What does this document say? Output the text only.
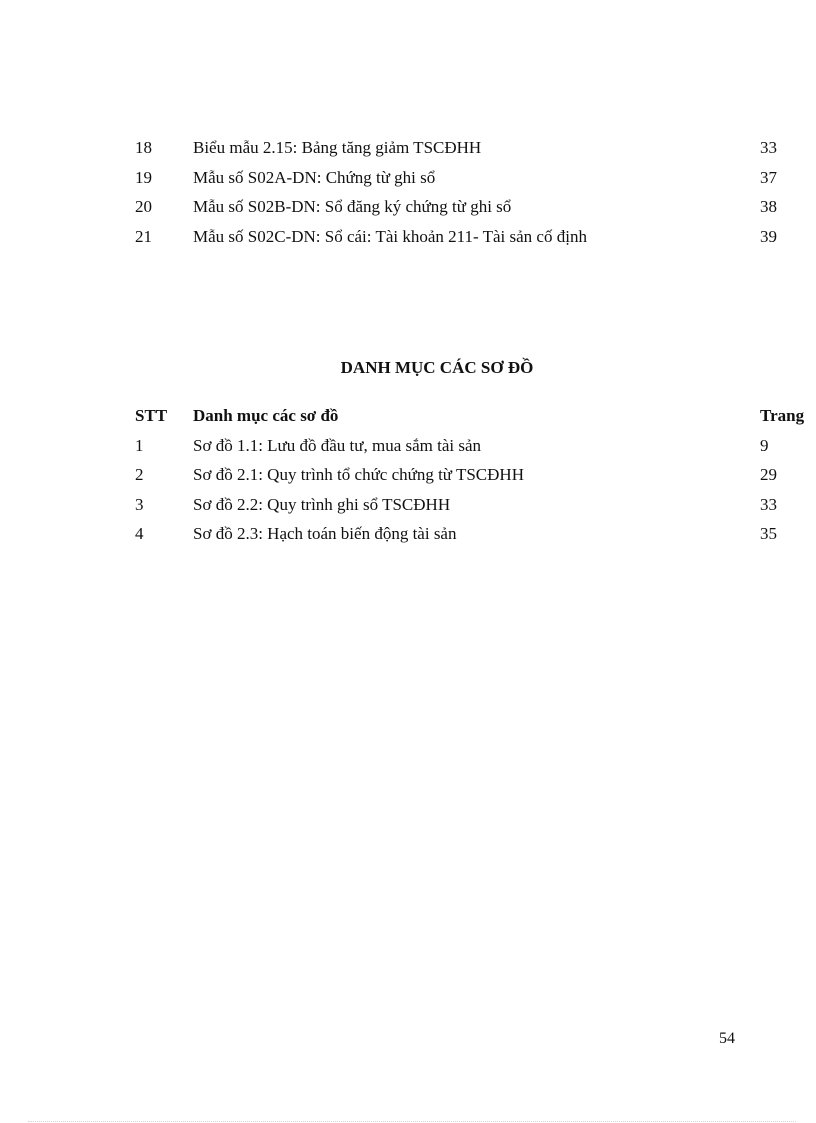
18 Biểu mẫu 2.15: Bảng tăng giảm TSCĐHH	33
19 Mẫu số S02A-DN: Chứng từ ghi sổ	37
20 Mẫu số S02B-DN: Sổ đăng ký chứng từ ghi sổ	38
21 Mẫu số S02C-DN: Sổ cái: Tài khoản 211- Tài sản cố định	39
DANH MỤC CÁC SƠ ĐỒ
STT Danh mục các sơ đồ	Trang
1	Sơ đồ 1.1: Lưu đồ đầu tư, mua sắm tài sản	9
2	Sơ đồ 2.1: Quy trình tổ chức chứng từ TSCĐHH	29
3	Sơ đồ 2.2: Quy trình ghi sổ TSCĐHH	33
4	Sơ đồ 2.3: Hạch toán biến động tài sản	35
54
